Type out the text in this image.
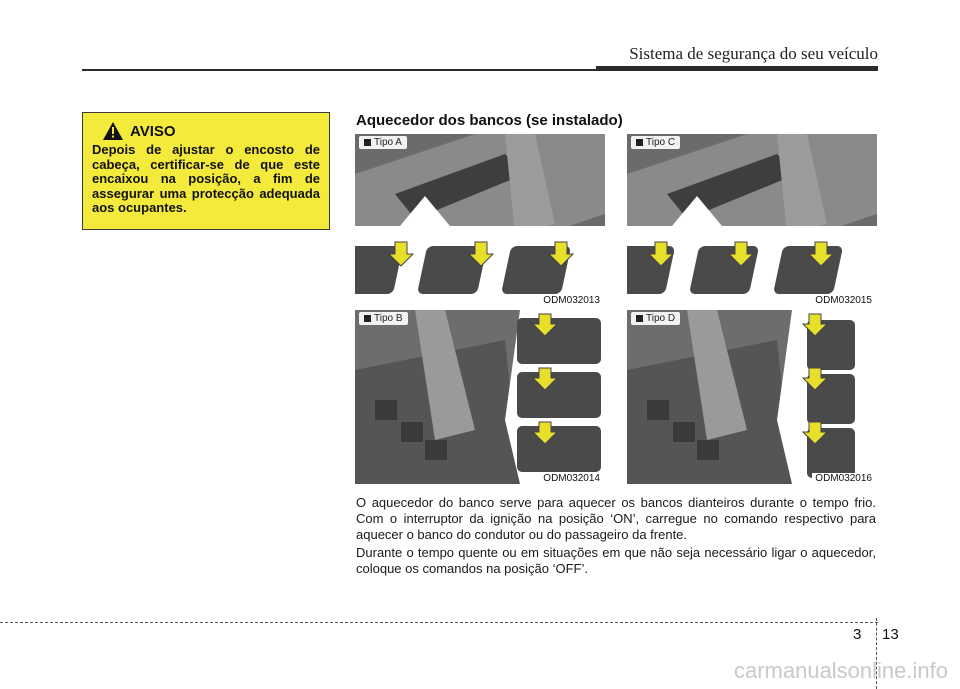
Sistema de segurança do seu veículo
AVISO
Depois de ajustar o encosto de cabeça, certificar-se de que este encaixou na posição, a fim de assegurar uma protecção adequada aos ocupantes.
Aquecedor dos bancos (se instalado)
Tipo A
ODM032013
Tipo C
ODM032015
Tipo B
ODM032014
Tipo D
ODM032016
O aquecedor do banco serve para aquecer os bancos dianteiros durante o tempo frio. Com o interruptor da ignição na posição ‘ON’, carregue no comando respectivo para aquecer o banco do condutor ou do passageiro da frente.
Durante o tempo quente ou em situações em que não seja necessário ligar o aquecedor, coloque os comandos na posição ‘OFF’.
3 13
carmanualsonline.info
